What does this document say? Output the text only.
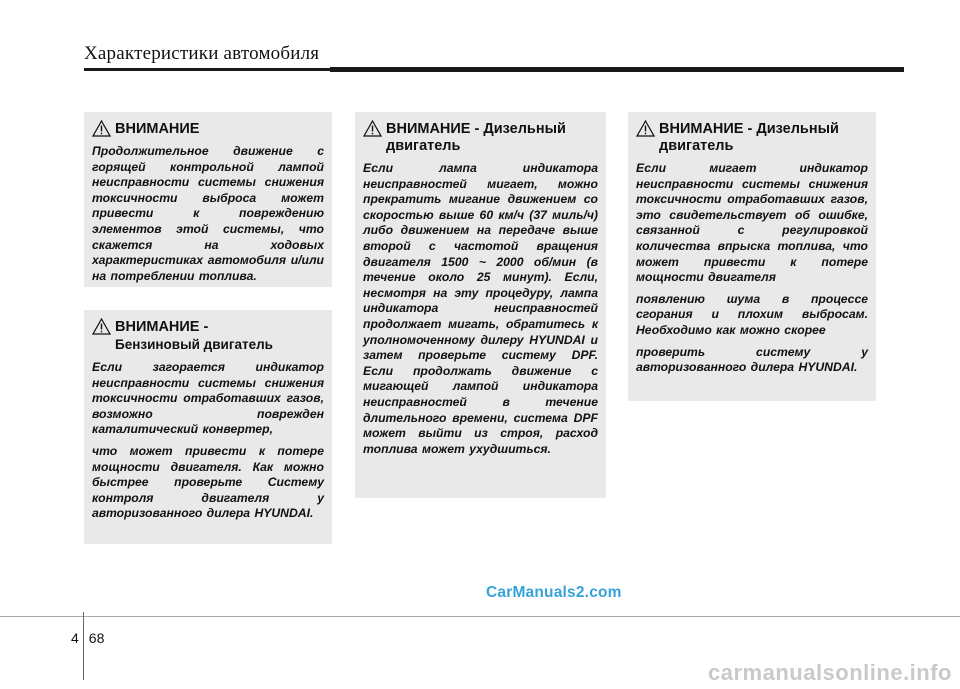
Характеристики автомобиля
ВНИМАНИЕ

Продолжительное движение с горящей контрольной лампой неисправности системы снижения токсичности выброса может привести к повреждению элементов этой системы, что скажется на ходовых характеристиках автомобиля и/или на потреблении топлива.

ВНИМАНИЕ -
Бензиновый двигатель

Если загорается индикатор неисправности системы снижения токсичности отработавших газов, возможно поврежден каталитический конвертер,

что может привести к потере мощности двигателя. Как можно быстрее проверьте Систему контроля двигателя у авторизованного дилера HYUNDAI.

ВНИМАНИЕ - Дизельный
двигатель

Если лампа индикатора неисправностей мигает, можно прекратить мигание движением со скоростью выше 60 км/ч (37 миль/ч) либо движением на передаче выше второй с частотой вращения двигателя 1500 ~ 2000 об/мин (в течение около 25 минут). Если, несмотря на эту процедуру, лампа индикатора неисправностей продолжает мигать, обратитесь к уполномоченному дилеру HYUNDAI и затем проверьте систему DPF. Если продолжать движение с мигающей лампой индикатора неисправностей в течение длительного времени, система DPF может выйти из строя, расход топлива может ухудшиться.

ВНИМАНИЕ - Дизельный
двигатель

Если мигает индикатор неисправности системы снижения токсичности отработавших газов, это свидетельствует об ошибке, связанной с регулировкой количества впрыска топлива, что может привести к потере мощности двигателя

появлению шума в процессе сгорания и плохим выбросам. Необходимо как можно скорее

проверить систему у авторизованного дилера HYUNDAI.

CarManuals2.com
4 68
carmanualsonline.info
